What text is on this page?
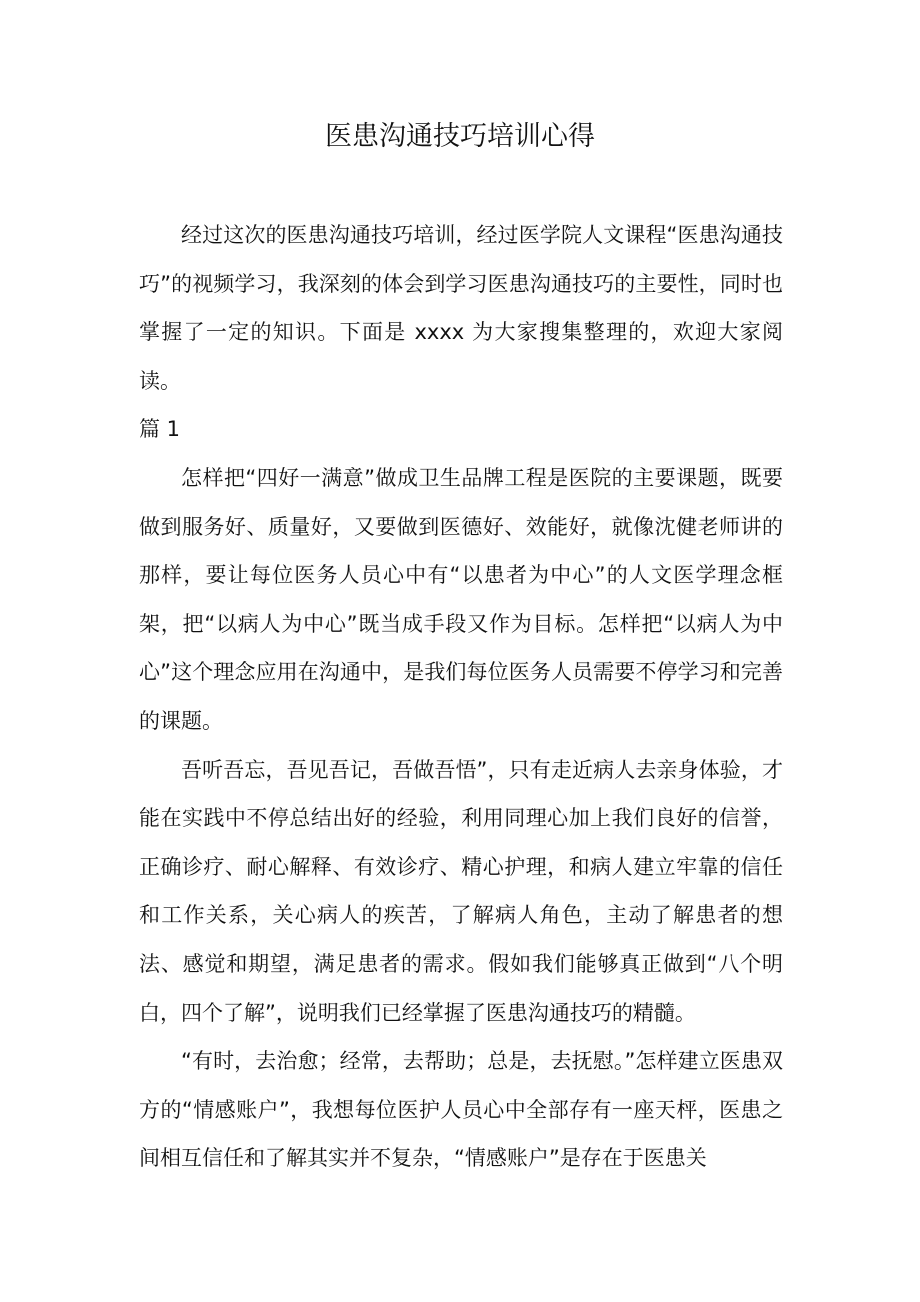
医患沟通技巧培训心得

经过这次的医患沟通技巧培训，经过医学院人文课程“医患沟通技巧”的视频学习，我深刻的体会到学习医患沟通技巧的主要性，同时也掌握了一定的知识。下面是 xxxx 为大家搜集整理的，欢迎大家阅读。

篇 1

怎样把“四好一满意”做成卫生品牌工程是医院的主要课题，既要做到服务好、质量好，又要做到医德好、效能好，就像沈健老师讲的那样，要让每位医务人员心中有“以患者为中心”的人文医学理念框架，把“以病人为中心”既当成手段又作为目标。怎样把“以病人为中心”这个理念应用在沟通中，是我们每位医务人员需要不停学习和完善的课题。

吾听吾忘，吾见吾记，吾做吾悟”，只有走近病人去亲身体验，才能在实践中不停总结出好的经验，利用同理心加上我们良好的信誉，正确诊疗、耐心解释、有效诊疗、精心护理，和病人建立牢靠的信任和工作关系，关心病人的疾苦，了解病人角色，主动了解患者的想法、感觉和期望，满足患者的需求。假如我们能够真正做到“八个明白，四个了解”，说明我们已经掌握了医患沟通技巧的精髓。

“有时，去治愈；经常，去帮助；总是，去抚慰。”怎样建立医患双方的“情感账户”，我想每位医护人员心中全部存有一座天枰，医患之间相互信任和了解其实并不复杂，“情感账户”是存在于医患关
